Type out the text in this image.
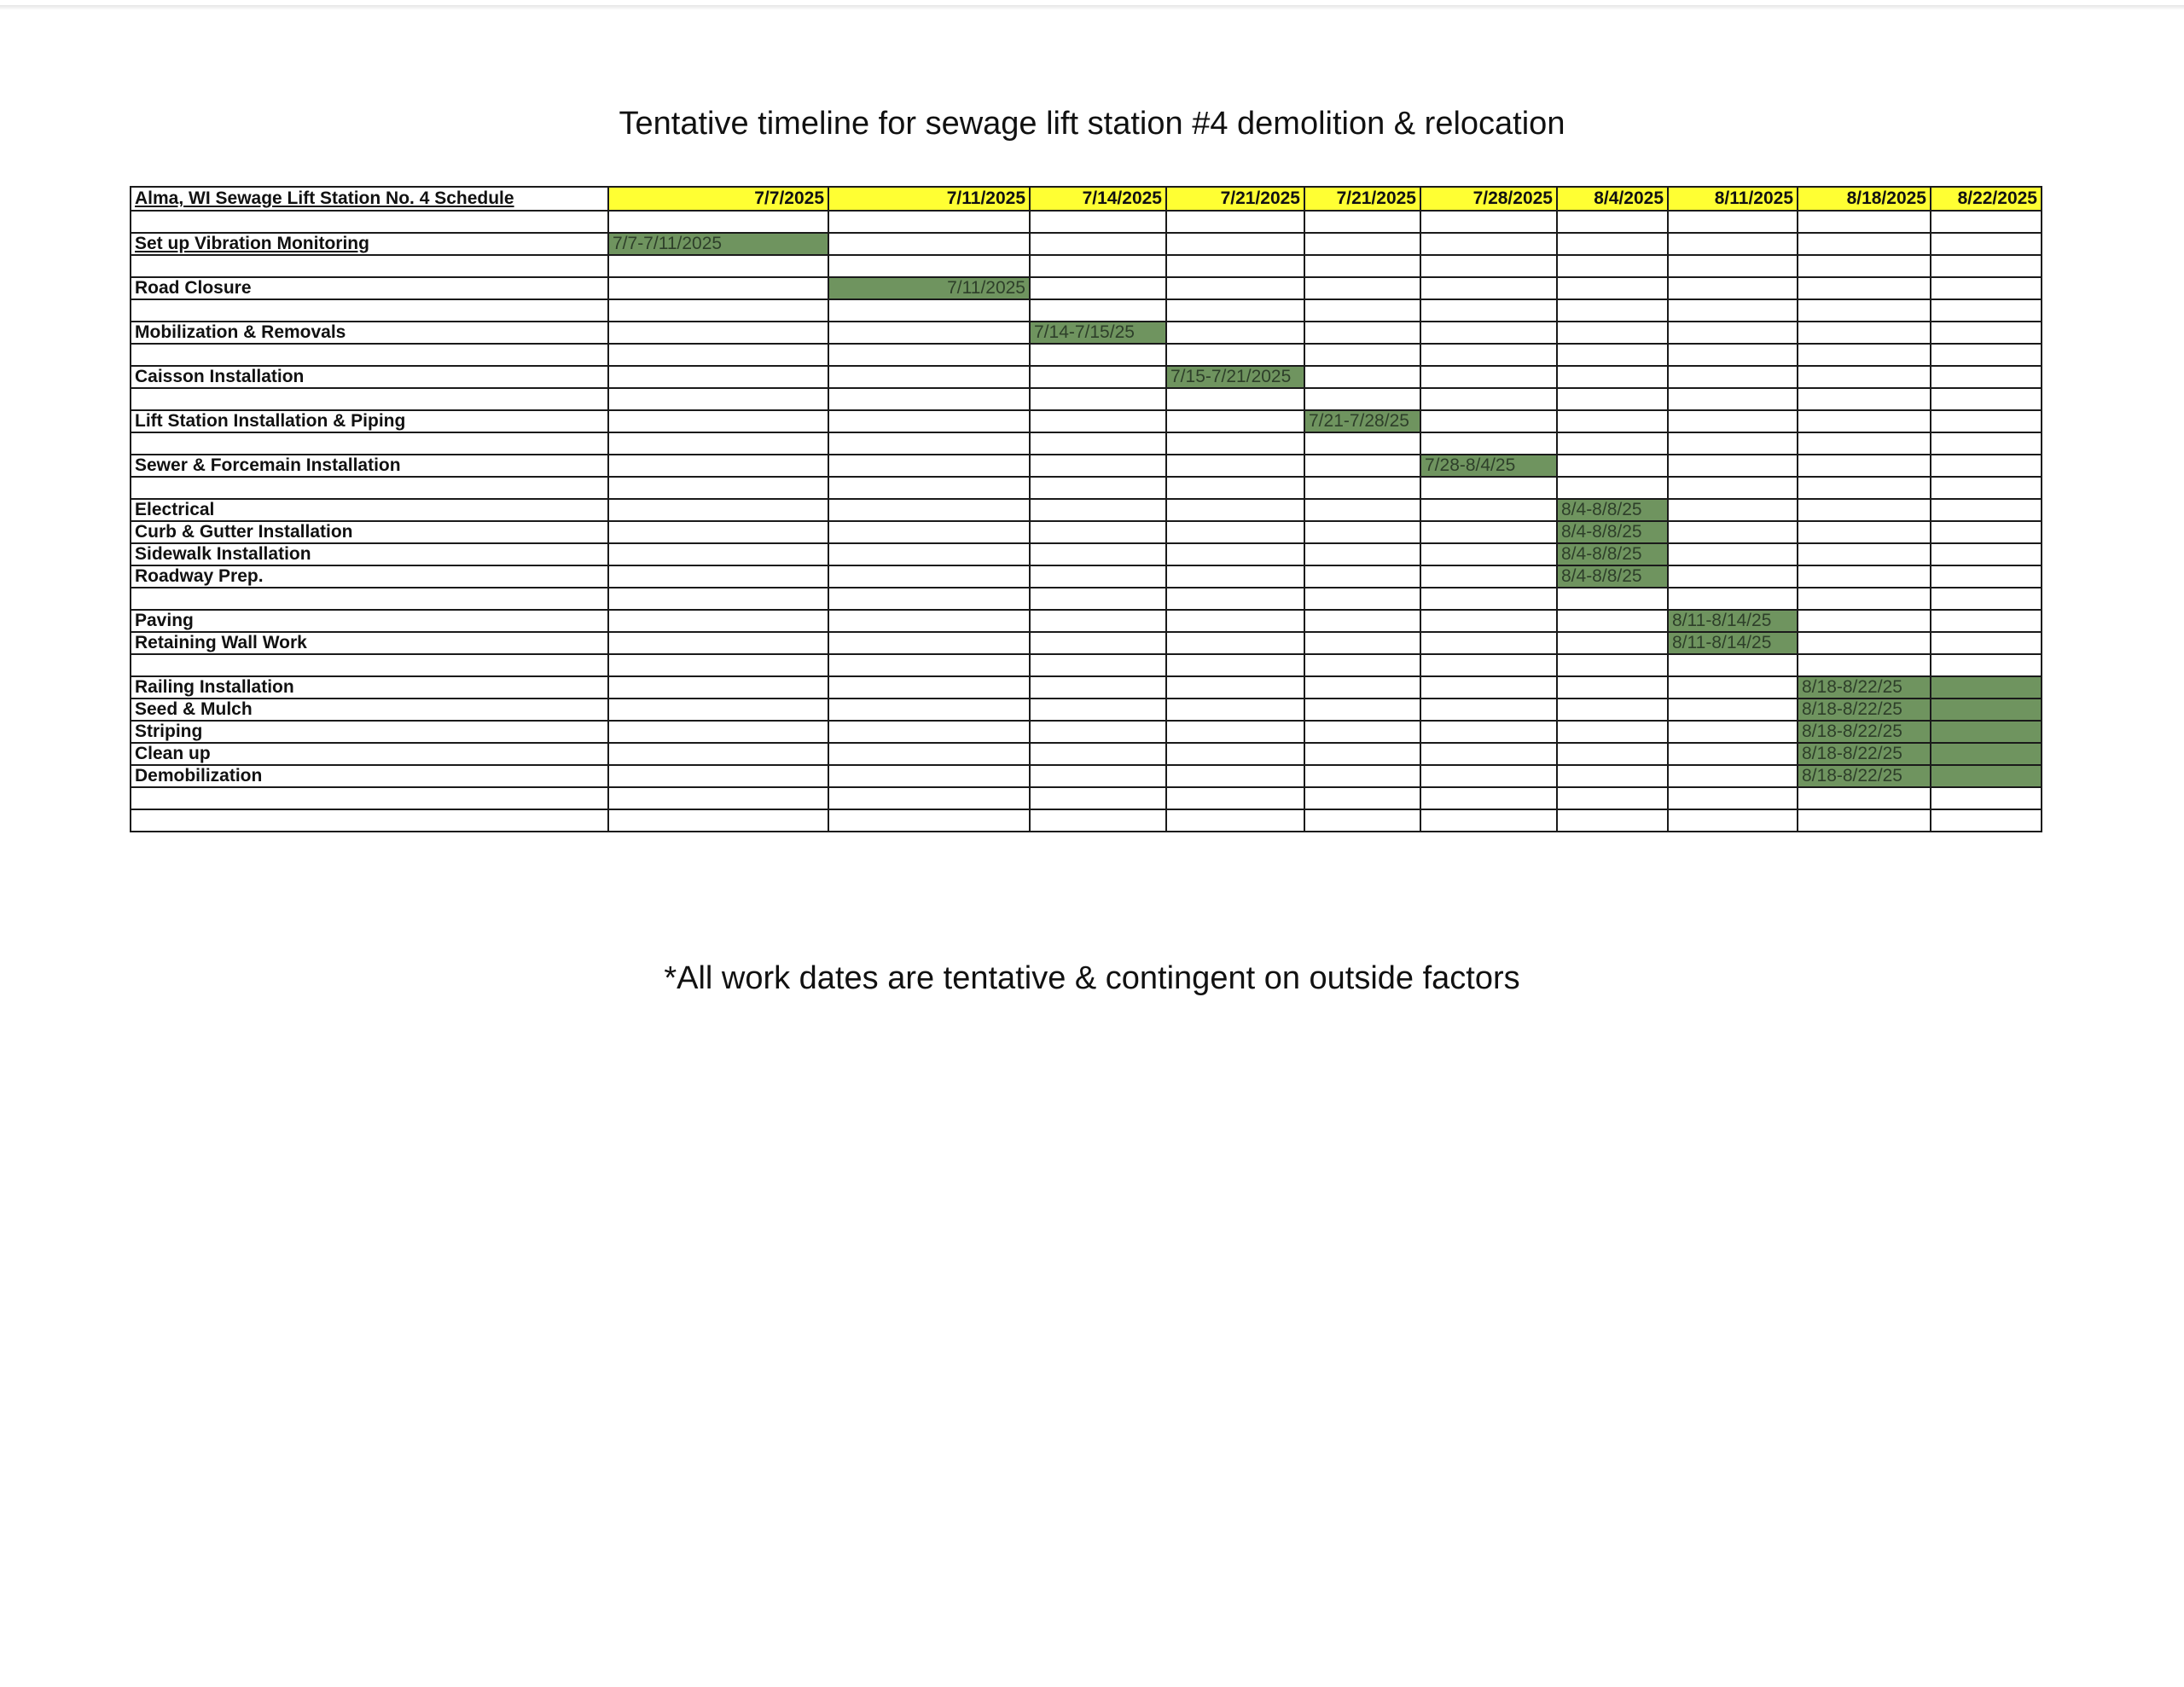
Tentative timeline for sewage lift station #4 demolition & relocation
Alma, WI Sewage Lift Station No. 4 Schedule	7/7/2025	7/11/2025	7/14/2025	7/21/2025	7/21/2025	7/28/2025	8/4/2025	8/11/2025	8/18/2025	8/22/2025

Set up Vibration Monitoring	7/7-7/11/2025									

Road Closure		7/11/2025								

Mobilization & Removals			7/14-7/15/25							

Caisson Installation				7/15-7/21/2025						

Lift Station Installation & Piping					7/21-7/28/25					

Sewer & Forcemain Installation						7/28-8/4/25				

Electrical							8/4-8/8/25			
Curb & Gutter Installation							8/4-8/8/25			
Sidewalk Installation							8/4-8/8/25			
Roadway Prep.							8/4-8/8/25			

Paving								8/11-8/14/25		
Retaining Wall Work								8/11-8/14/25		

Railing Installation									8/18-8/22/25	
Seed & Mulch									8/18-8/22/25	
Striping									8/18-8/22/25	
Clean up									8/18-8/22/25	
Demobilization									8/18-8/22/25	

*All work dates are tentative & contingent on outside factors
